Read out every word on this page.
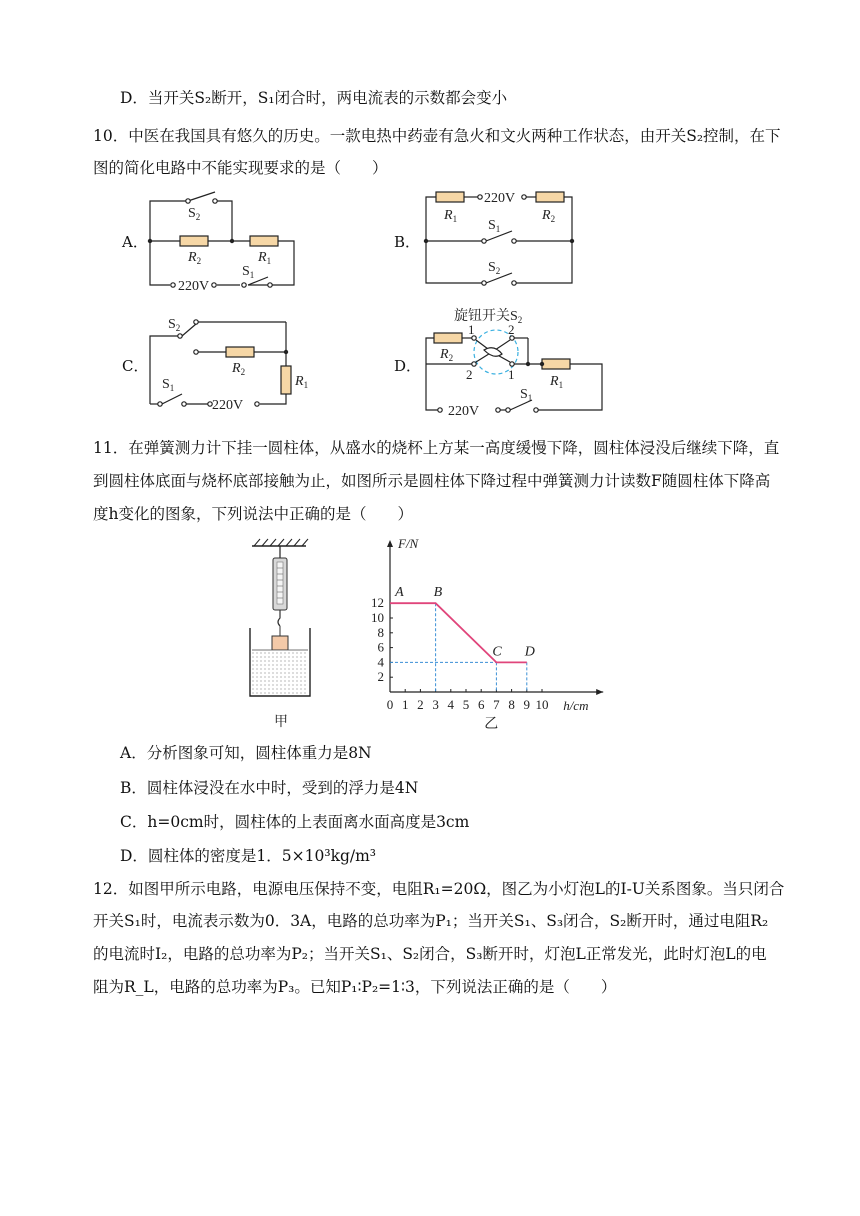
D．当开关S₂断开，S₁闭合时，两电流表的示数都会变小
10．中医在我国具有悠久的历史。一款电热中药壶有急火和文火两种工作状态，由开关S₂控制，在下
图的简化电路中不能实现要求的是（　　）
A．
$S_2$
$R_2$	$R_1$
$S_1$
220V
B．
220V
$R_1$	$R_2$
$S_1$
$S_2$
C．
$S_2$
$R_2$
$R_1$
$S_1$
220V
D．
旋钮开关$S_2$
1	2
2	1
$R_2$
$R_1$
$S_1$
220V
11．在弹簧测力计下挂一圆柱体，从盛水的烧杯上方某一高度缓慢下降，圆柱体浸没后继续下降，直
到圆柱体底面与烧杯底部接触为止，如图所示是圆柱体下降过程中弹簧测力计读数F随圆柱体下降高
度h变化的图象，下列说法中正确的是（　　）
甲
0 1 2 3 4 5 6 7 8 9 10
2
4
6
8
10
12
F/N
h/cm
A B
C D
乙
A．分析图象可知，圆柱体重力是8N
B．圆柱体浸没在水中时，受到的浮力是4N
C．h=0cm时，圆柱体的上表面离水面高度是3cm
D．圆柱体的密度是1．5×10³kg/m³
12．如图甲所示电路，电源电压保持不变，电阻R₁=20Ω，图乙为小灯泡L的I-U关系图象。当只闭合
开关S₁时，电流表示数为0．3A，电路的总功率为P₁；当开关S₁、S₃闭合，S₂断开时，通过电阻R₂
的电流时I₂，电路的总功率为P₂；当开关S₁、S₂闭合，S₃断开时，灯泡L正常发光，此时灯泡L的电
阻为R_L，电路的总功率为P₃。已知P₁∶P₂=1∶3，下列说法正确的是（　　）
